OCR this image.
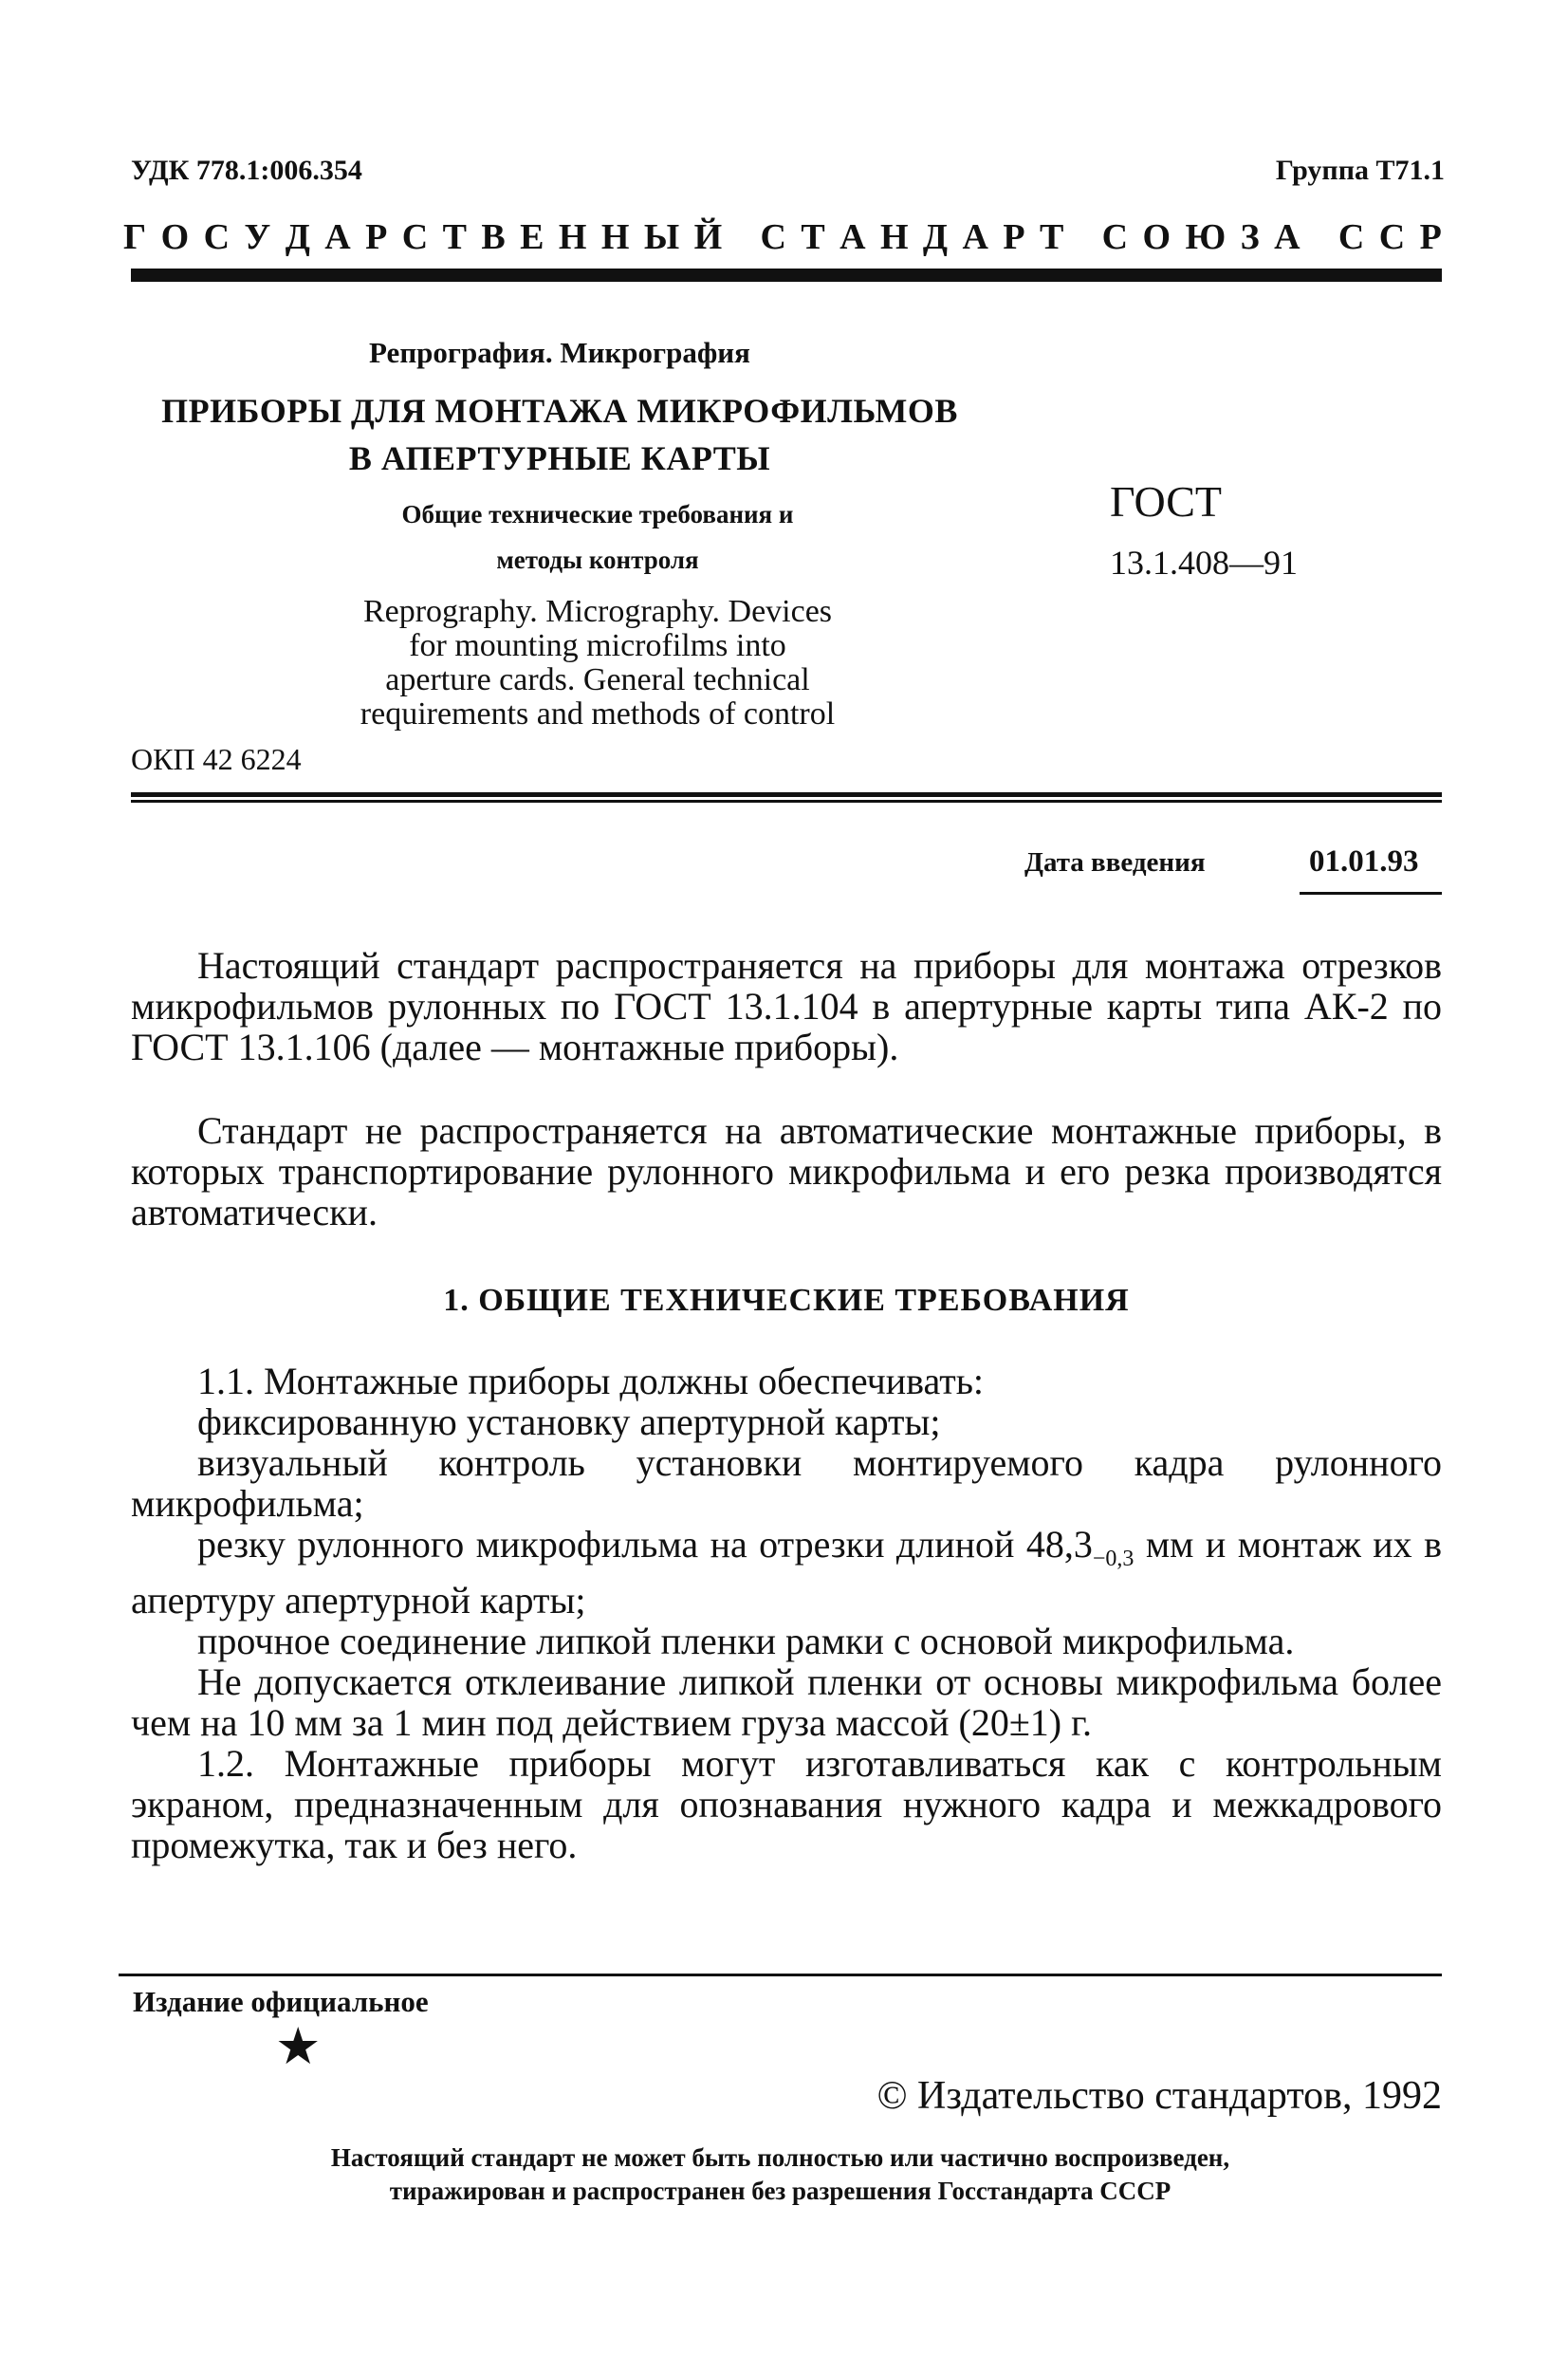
УДК 778.1:006.354	Группа Т71.1
Г О С У Д А Р С Т В Е Н Н Ы Й
С Т А Н Д А Р Т
С О Ю З А
С С Р
Репрография. Микрография
ПРИБОРЫ ДЛЯ МОНТАЖА МИКРОФИЛЬМОВ
В АПЕРТУРНЫЕ КАРТЫ
Общие технические требования и
методы контроля
Reprography. Micrography. Devices
for mounting microfilms into
aperture cards. General technical
requirements and methods of control
ГОСТ
13.1.408—91
ОКП 42 6224
Дата введения	01.01.93

Настоящий стандарт распространяется на приборы для монтажа отрезков микрофильмов рулонных по ГОСТ 13.1.104 в апертурные карты типа АК-2 по ГОСТ 13.1.106 (далее — монтажные приборы).

Стандарт не распространяется на автоматические монтажные приборы, в которых транспортирование рулонного микрофильма и его резка производятся автоматически.

1. ОБЩИЕ ТЕХНИЧЕСКИЕ ТРЕБОВАНИЯ

1.1. Монтажные приборы должны обеспечивать:

фиксированную установку апертурной карты;

визуальный контроль установки монтируемого кадра рулонного микрофильма;

резку рулонного микрофильма на отрезки длиной $48,3_{-0,3}$ мм и монтаж их в апертуру апертурной карты;

прочное соединение липкой пленки рамки с основой микрофильма.

Не допускается отклеивание липкой пленки от основы микрофильма более чем на 10 мм за 1 мин под действием груза массой (20±1) г.

1.2. Монтажные приборы могут изготавливаться как с контрольным экраном, предназначенным для опознавания нужного кадра и межкадрового промежутка, так и без него.

Издание официальное
★
© Издательство стандартов, 1992
Настоящий стандарт не может быть полностью или частично воспроизведен,
тиражирован и распространен без разрешения Госстандарта СССР
